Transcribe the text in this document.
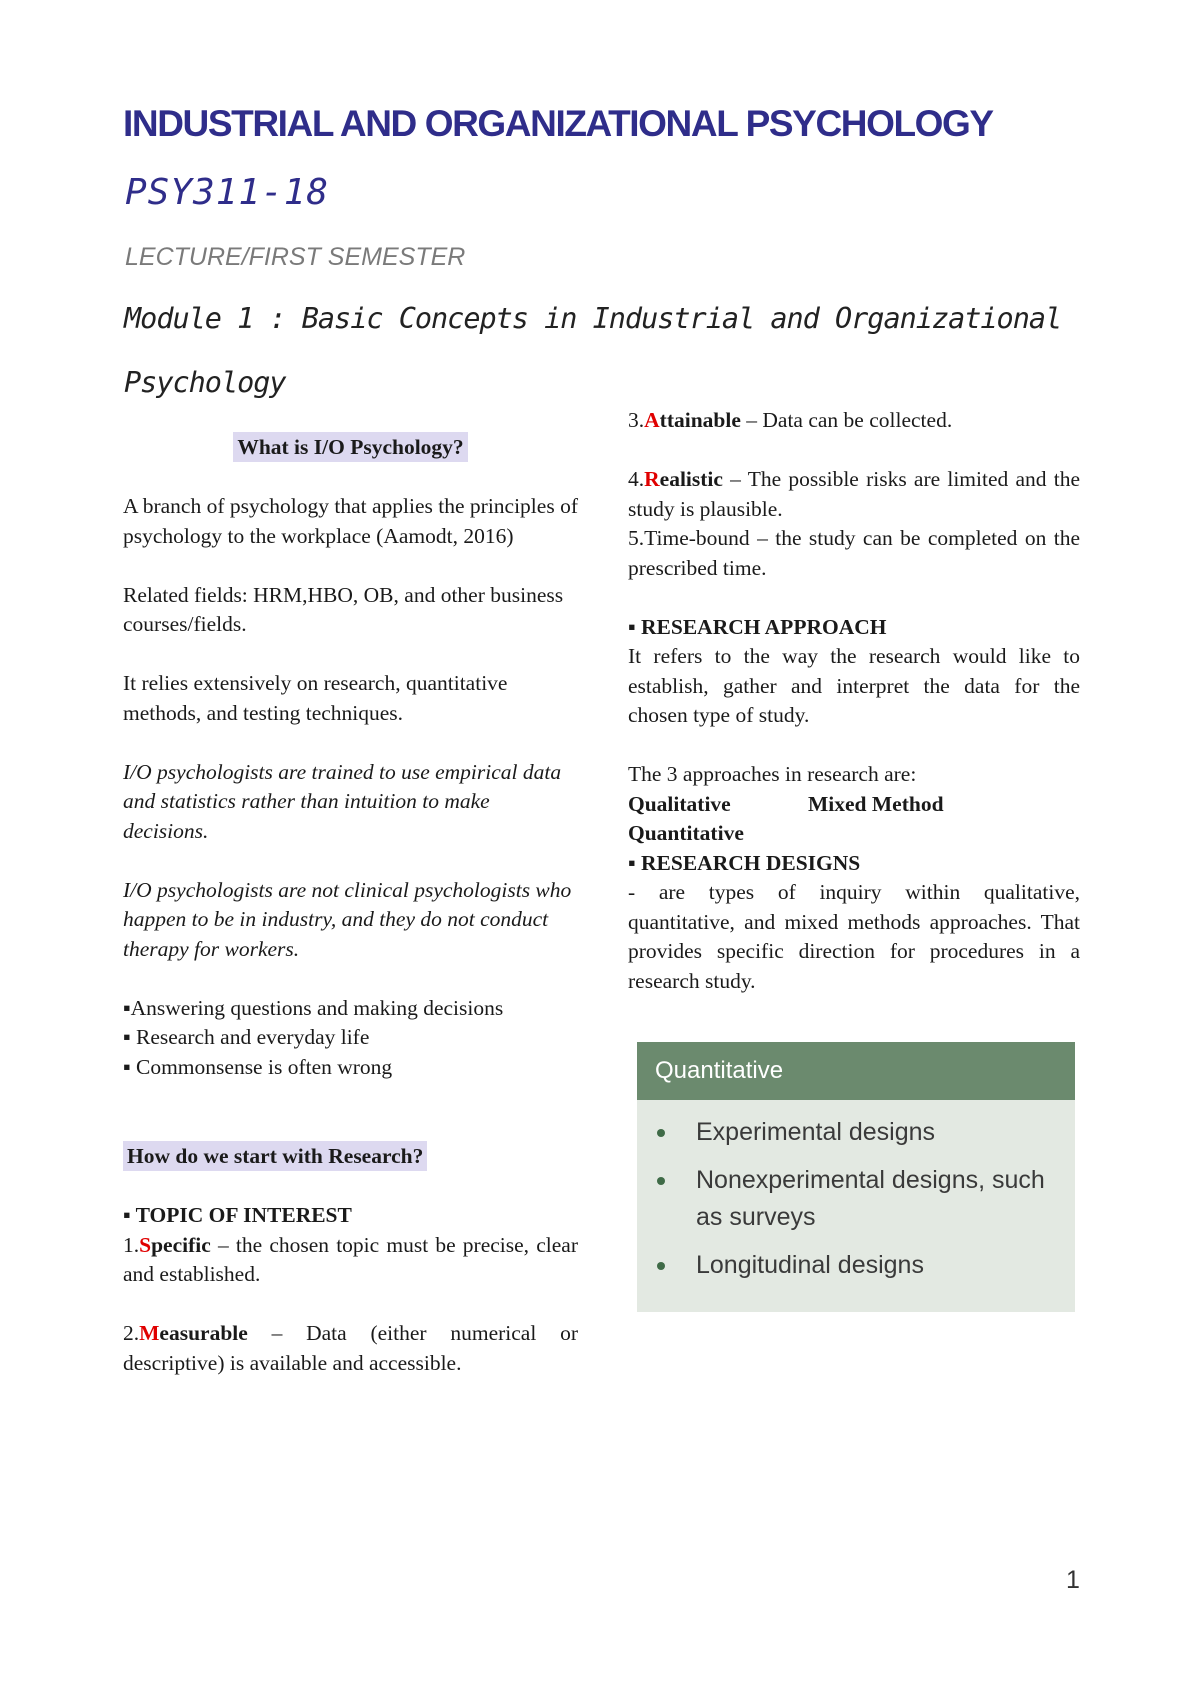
INDUSTRIAL AND ORGANIZATIONAL PSYCHOLOGY
PSY311-18
LECTURE/FIRST SEMESTER
Module 1 : Basic Concepts in Industrial and Organizational
Psychology
What is I/O Psychology?

A branch of psychology that applies the principles of psychology to the workplace (Aamodt, 2016)

Related fields: HRM,HBO, OB, and other business courses/fields.

It relies extensively on research, quantitative methods, and testing techniques.

I/O psychologists are trained to use empirical data and statistics rather than intuition to make decisions.

I/O psychologists are not clinical psychologists who happen to be in industry, and they do not conduct therapy for workers.

▪Answering questions and making decisions

▪ Research and everyday life

▪ Commonsense is often wrong

How do we start with Research?

▪ TOPIC OF INTEREST

1.Specific – the chosen topic must be precise, clear and established.

2.Measurable – Data (either numerical or descriptive) is available and accessible.

3.Attainable – Data can be collected.

4.Realistic – The possible risks are limited and the study is plausible.

5.Time-bound – the study can be completed on the prescribed time.

▪ RESEARCH APPROACH

It refers to the way the research would like to establish, gather and interpret the data for the chosen type of study.

The 3 approaches in research are:

Qualitative	Mixed Method

Quantitative

▪ RESEARCH DESIGNS

- are types of inquiry within qualitative, quantitative, and mixed methods approaches. That provides specific direction for procedures in a research study.

Quantitative
Experimental designs
Nonexperimental designs, such as surveys
Longitudinal designs
1
